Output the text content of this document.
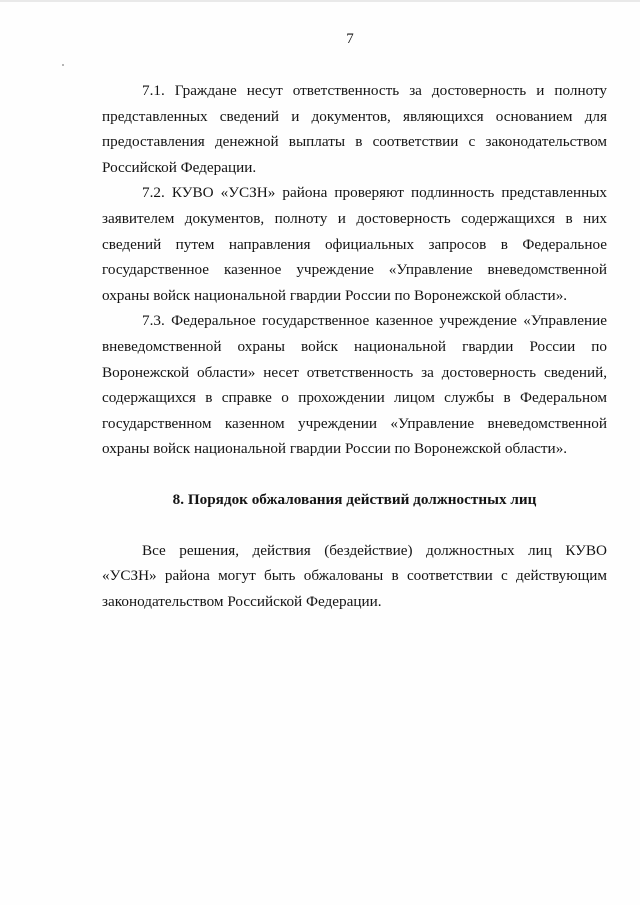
7

7.1. Граждане несут ответственность за достоверность и полноту представленных сведений и документов, являющихся основанием для предоставления денежной выплаты в соответствии с законодательством Российской Федерации.

7.2. КУВО «УСЗН» района проверяют подлинность представленных заявителем документов, полноту и достоверность содержащихся в них сведений путем направления официальных запросов в Федеральное государственное казенное учреждение «Управление вневедомственной охраны войск национальной гвардии России по Воронежской области».

7.3. Федеральное государственное казенное учреждение «Управление вневедомственной охраны войск национальной гвардии России по Воронежской области» несет ответственность за достоверность сведений, содержащихся в справке о прохождении лицом службы в Федеральном государственном казенном учреждении «Управление вневедомственной охраны войск национальной гвардии России по Воронежской области».

8. Порядок обжалования действий должностных лиц

Все решения, действия (бездействие) должностных лиц КУВО «УСЗН» района могут быть обжалованы в соответствии с действующим законодательством Российской Федерации.
